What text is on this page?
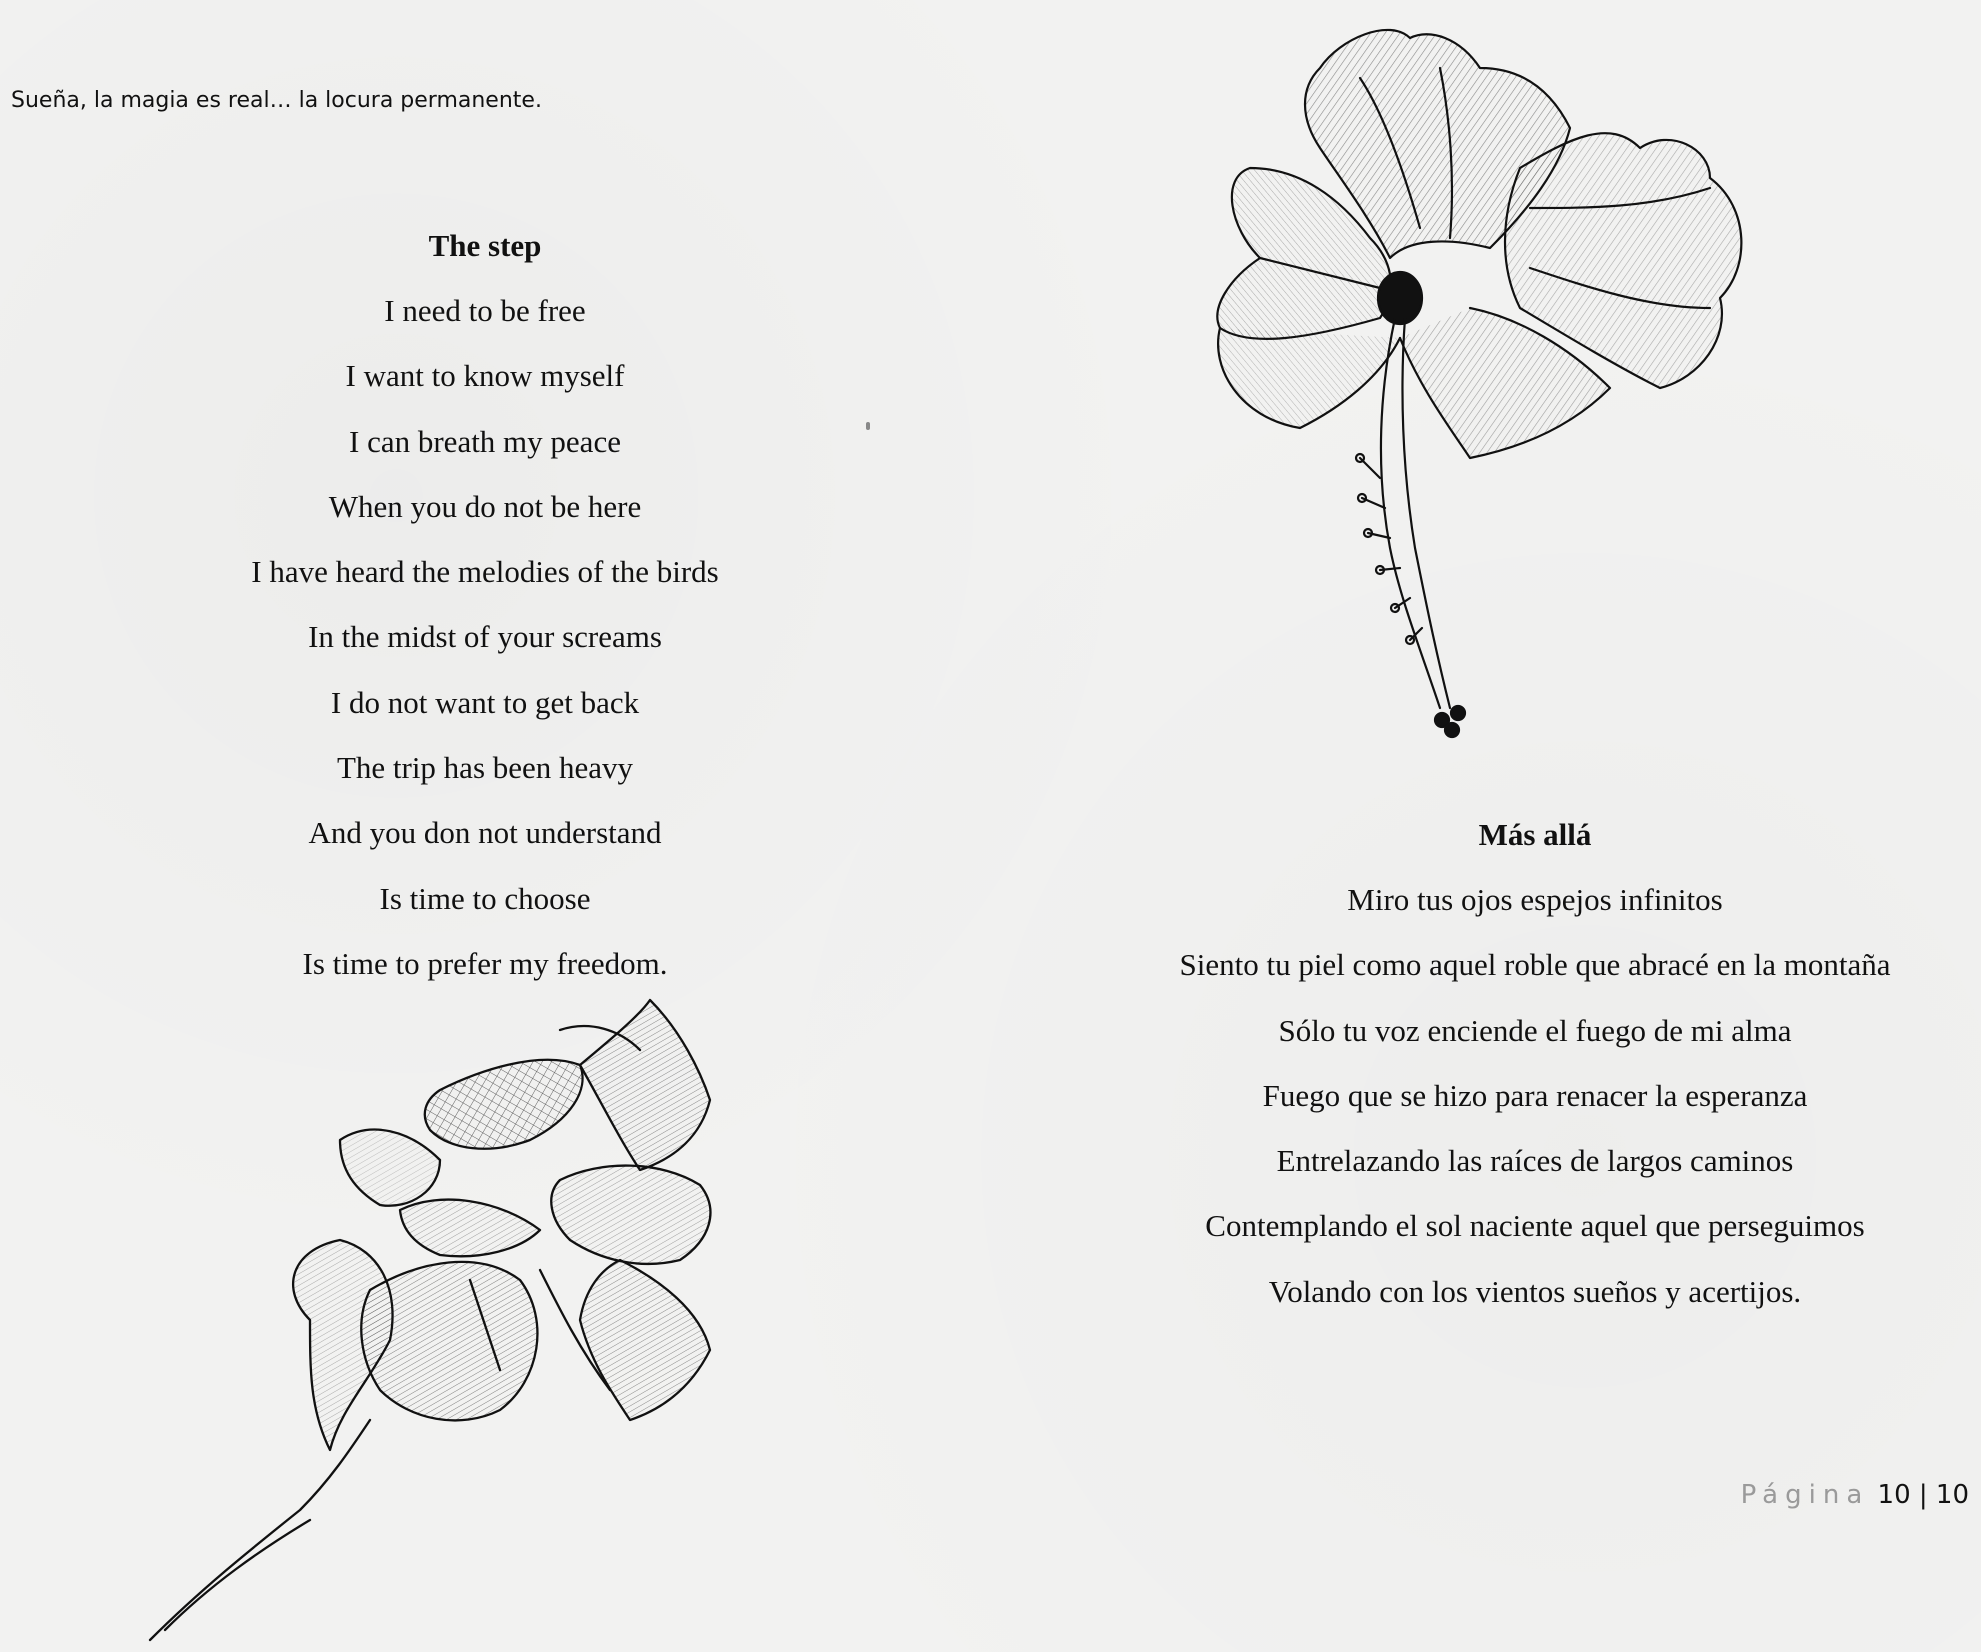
Sueña, la magia es real… la locura permanente.
The step
I need to be free
I want to know myself
I can breath my peace
When you do not be here
I have heard the melodies of the birds
In the midst of your screams
I do not want to get back
The trip has been heavy
And you don not understand
Is time to choose
Is time to prefer my freedom.
Más allá
Miro tus ojos espejos infinitos
Siento tu piel como aquel roble que abracé en la montaña
Sólo tu voz enciende el fuego de mi alma
Fuego que se hizo para renacer la esperanza
Entrelazando las raíces de largos caminos
Contemplando el sol naciente aquel que perseguimos
Volando con los vientos sueños y acertijos.
Página 10 | 10
